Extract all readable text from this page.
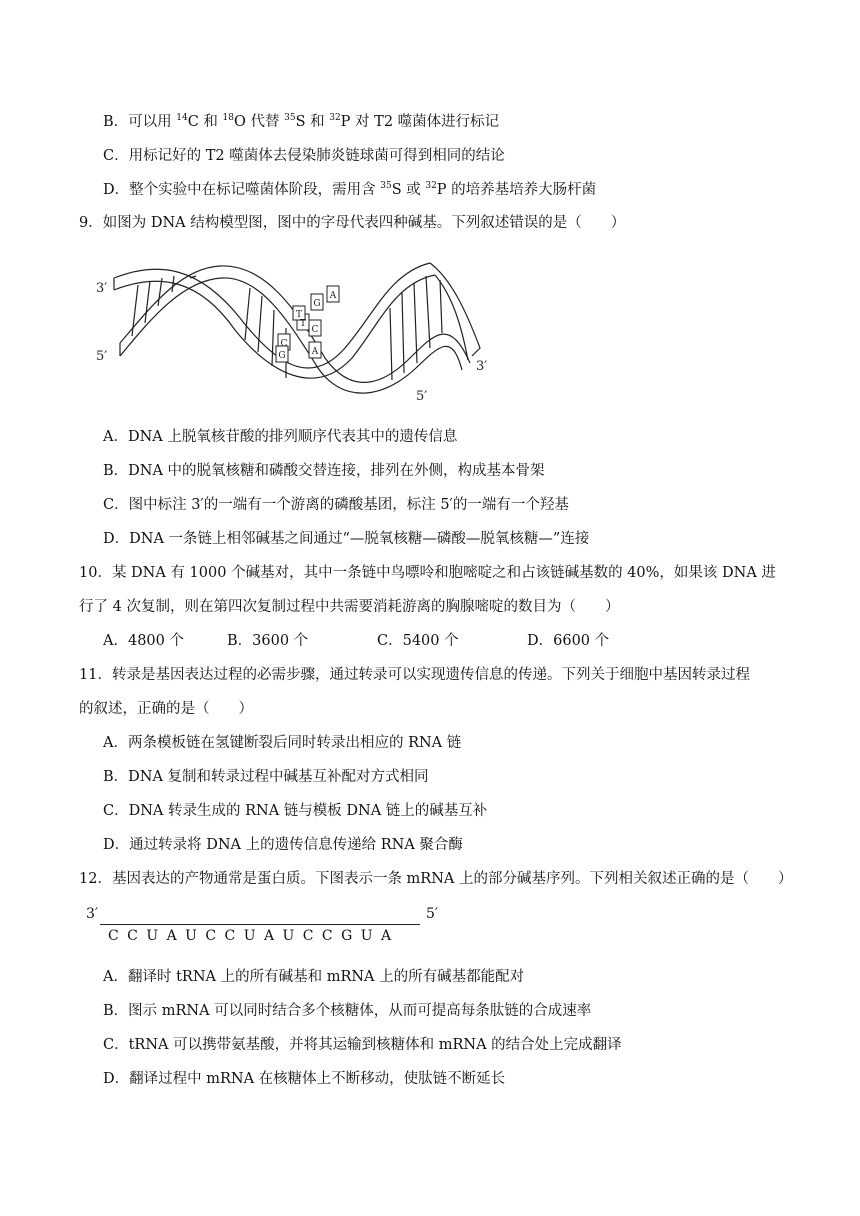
B．可以用 $^{14}$C 和 $^{18}$O 代替 $^{35}$S 和 $^{32}$P 对 T2 噬菌体进行标记
C．用标记好的 T2 噬菌体去侵染肺炎链球菌可得到相同的结论
D．整个实验中在标记噬菌体阶段，需用含 $^{35}$S 或 $^{32}$P 的培养基培养大肠杆菌
9．如图为 DNA 结构模型图，图中的字母代表四种碱基。下列叙述错误的是（　　）
A
G
T
C
C
A
G
T
3′
5′
3′
5′
A．DNA 上脱氧核苷酸的排列顺序代表其中的遗传信息
B．DNA 中的脱氧核糖和磷酸交替连接，排列在外侧，构成基本骨架
C．图中标注 3′的一端有一个游离的磷酸基团，标注 5′的一端有一个羟基
D．DNA 一条链上相邻碱基之间通过“—脱氧核糖—磷酸—脱氧核糖—”连接
10．某 DNA 有 1000 个碱基对，其中一条链中鸟嘌呤和胞嘧啶之和占该链碱基数的 40%，如果该 DNA 进
行了 4 次复制，则在第四次复制过程中共需要消耗游离的胸腺嘧啶的数目为（　　）
A．4800 个	B．3600 个	C．5400 个	D．6600 个
11．转录是基因表达过程的必需步骤，通过转录可以实现遗传信息的传递。下列关于细胞中基因转录过程
的叙述，正确的是（　　）
A．两条模板链在氢键断裂后同时转录出相应的 RNA 链
B．DNA 复制和转录过程中碱基互补配对方式相同
C．DNA 转录生成的 RNA 链与模板 DNA 链上的碱基互补
D．通过转录将 DNA 上的遗传信息传递给 RNA 聚合酶
12．基因表达的产物通常是蛋白质。下图表示一条 mRNA 上的部分碱基序列。下列相关叙述正确的是（　　）
3′	5′
C C U A U C C U A U C C G U A
A．翻译时 tRNA 上的所有碱基和 mRNA 上的所有碱基都能配对
B．图示 mRNA 可以同时结合多个核糖体，从而可提高每条肽链的合成速率
C．tRNA 可以携带氨基酸，并将其运输到核糖体和 mRNA 的结合处上完成翻译
D．翻译过程中 mRNA 在核糖体上不断移动，使肽链不断延长
